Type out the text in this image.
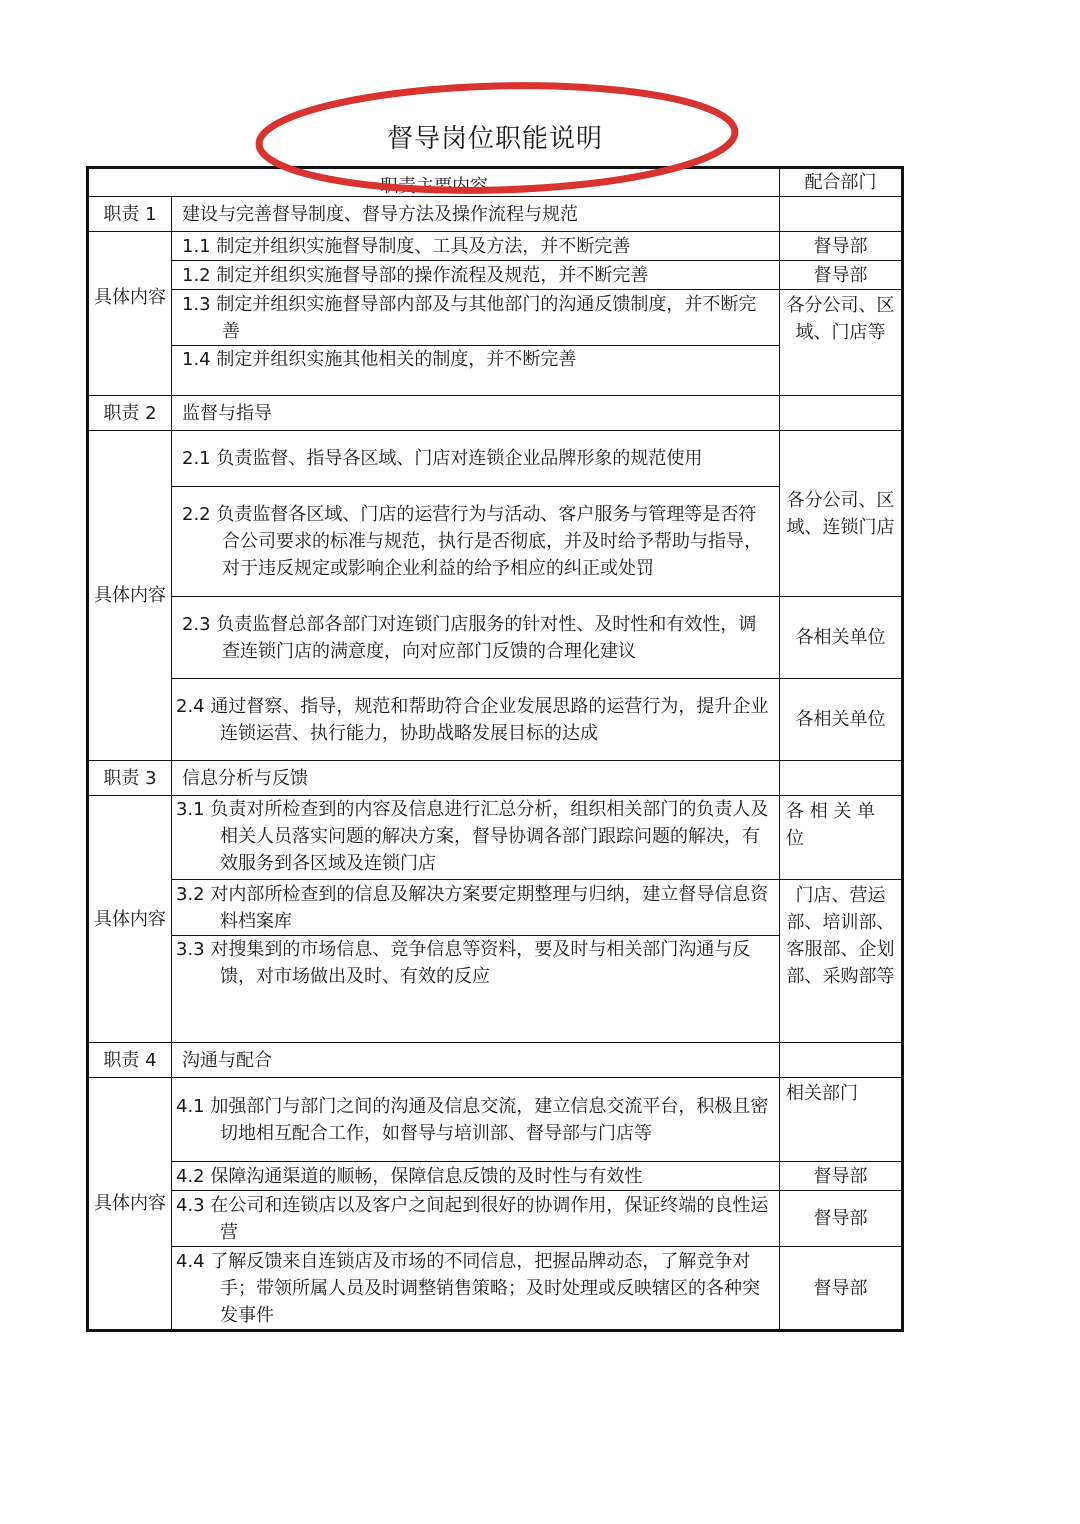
督导岗位职能说明
职责主要内容		配合部门
职责 1	建设与完善督导制度、督导方法及操作流程与规范	
具体内容	1.1 制定并组织实施督导制度、工具及方法，并不断完善	督导部

	1.2 制定并组织实施督导部的操作流程及规范，并不断完善	督导部

	1.3 制定并组织实施督导部内部及与其他部门的沟通反馈制度，并不断完善	各分公司、区域、门店等

	1.4 制定并组织实施其他相关的制度，并不断完善	

职责 2	监督与指导	
具体内容	2.1 负责监督、指导各区域、门店对连锁企业品牌形象的规范使用	各分公司、区域、连锁门店

	2.2 负责监督各区域、门店的运营行为与活动、客户服务与管理等是否符合公司要求的标准与规范，执行是否彻底，并及时给予帮助与指导，对于违反规定或影响企业利益的给予相应的纠正或处罚	

	2.3 负责监督总部各部门对连锁门店服务的针对性、及时性和有效性，调查连锁门店的满意度，向对应部门反馈的合理化建议	各相关单位

	2.4 通过督察、指导，规范和帮助符合企业发展思路的运营行为，提升企业连锁运营、执行能力，协助战略发展目标的达成	各相关单位
职责 3	信息分析与反馈	
具体内容	3.1 负责对所检查到的内容及信息进行汇总分析，组织相关部门的负责人及相关人员落实问题的解决方案，督导协调各部门跟踪问题的解决，有效服务到各区域及连锁门店	各 相 关 单 位

	3.2 对内部所检查到的信息及解决方案要定期整理与归纳，建立督导信息资料档案库	门店、营运部、培训部、客服部、企划部、采购部等

	3.3 对搜集到的市场信息、竞争信息等资料，要及时与相关部门沟通与反馈，对市场做出及时、有效的反应	

职责 4	沟通与配合	
具体内容	4.1 加强部门与部门之间的沟通及信息交流，建立信息交流平台，积极且密切地相互配合工作，如督导与培训部、督导部与门店等	相关部门

	4.2 保障沟通渠道的顺畅，保障信息反馈的及时性与有效性	督导部

	4.3 在公司和连锁店以及客户之间起到很好的协调作用，保证终端的良性运营	督导部

	4.4 了解反馈来自连锁店及市场的不同信息，把握品牌动态，了解竞争对手；带领所属人员及时调整销售策略；及时处理或反映辖区的各种突发事件	督导部
